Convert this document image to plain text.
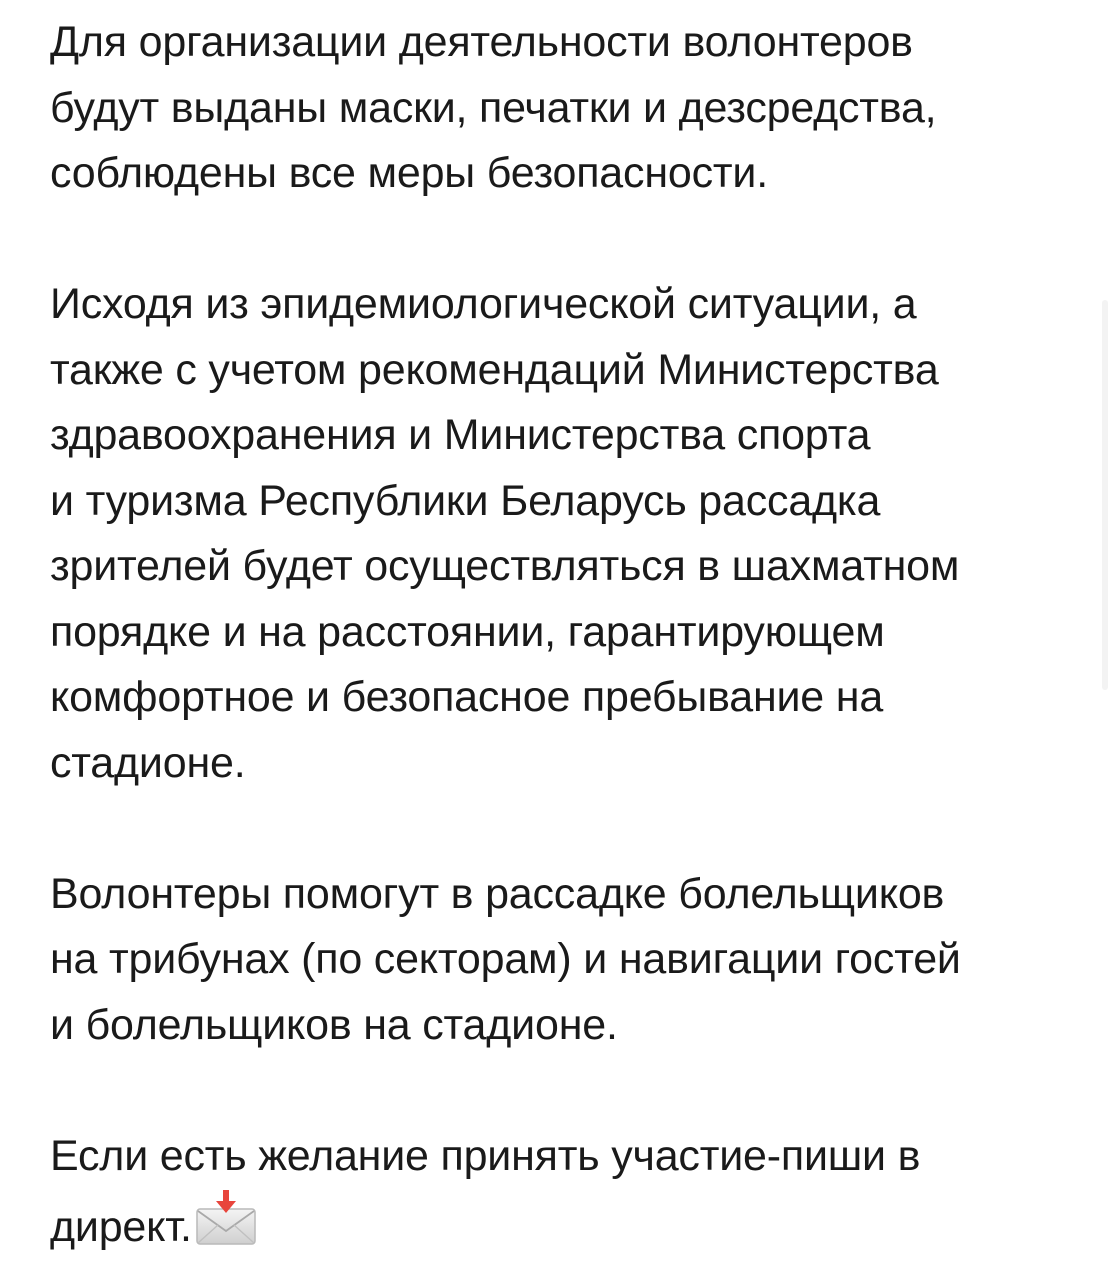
Для организации деятельности волонтеров
будут выданы маски, печатки и дезсредства,
соблюдены все меры безопасности.

Исходя из эпидемиологической ситуации, а
также с учетом рекомендаций Министерства
здравоохранения и Министерства спорта
и туризма Республики Беларусь рассадка
зрителей будет осуществляться в шахматном
порядке и на расстоянии, гарантирующем
комфортное и безопасное пребывание на
стадионе.

Волонтеры помогут в рассадке болельщиков
на трибунах (по секторам) и навигации гостей
и болельщиков на стадионе.

Если есть желание принять участие-пиши в
директ.
